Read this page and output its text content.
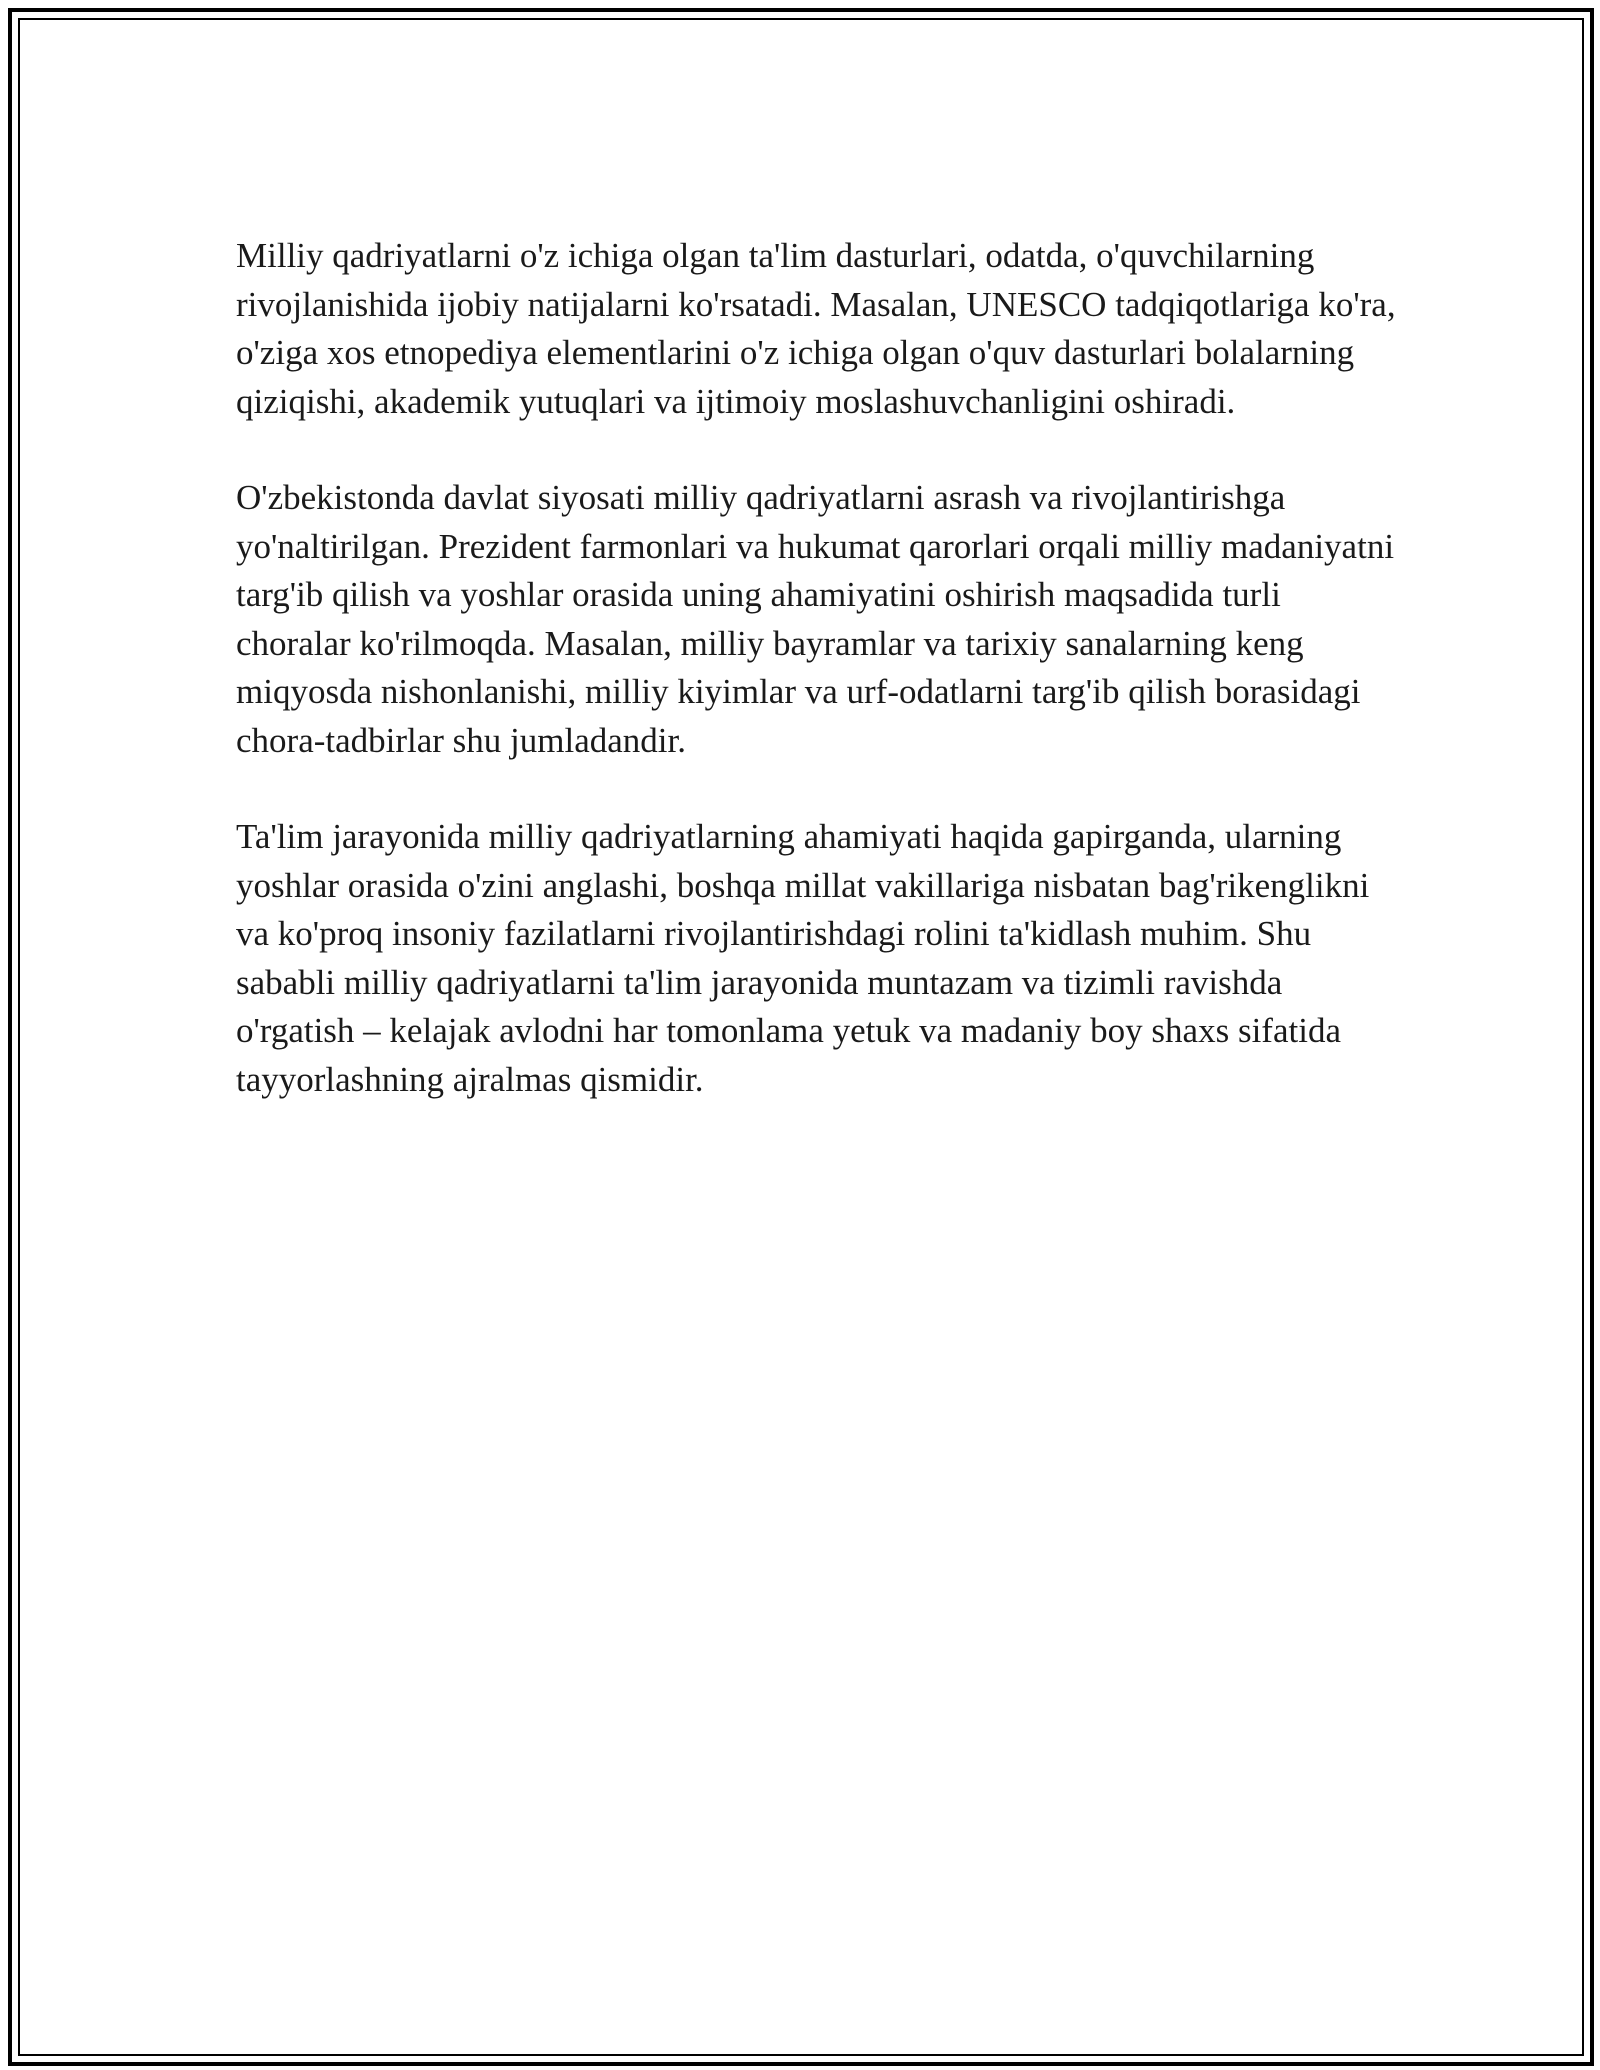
Milliy qadriyatlarni o'z ichiga olgan ta'lim dasturlari, odatda, o'quvchilarning rivojlanishida ijobiy natijalarni ko'rsatadi. Masalan, UNESCO tadqiqotlariga ko'ra, o'ziga xos etnopediya elementlarini o'z ichiga olgan o'quv dasturlari bolalarning qiziqishi, akademik yutuqlari va ijtimoiy moslashuvchanligini oshiradi.

O'zbekistonda davlat siyosati milliy qadriyatlarni asrash va rivojlantirishga yo'naltirilgan. Prezident farmonlari va hukumat qarorlari orqali milliy madaniyatni targ'ib qilish va yoshlar orasida uning ahamiyatini oshirish maqsadida turli choralar ko'rilmoqda. Masalan, milliy bayramlar va tarixiy sanalarning keng miqyosda nishonlanishi, milliy kiyimlar va urf-odatlarni targ'ib qilish borasidagi chora-tadbirlar shu jumladandir.

Ta'lim jarayonida milliy qadriyatlarning ahamiyati haqida gapirganda, ularning yoshlar orasida o'zini anglashi, boshqa millat vakillariga nisbatan bag'rikenglikni va ko'proq insoniy fazilatlarni rivojlantirishdagi rolini ta'kidlash muhim. Shu sababli milliy qadriyatlarni ta'lim jarayonida muntazam va tizimli ravishda o'rgatish – kelajak avlodni har tomonlama yetuk va madaniy boy shaxs sifatida tayyorlashning ajralmas qismidir.
